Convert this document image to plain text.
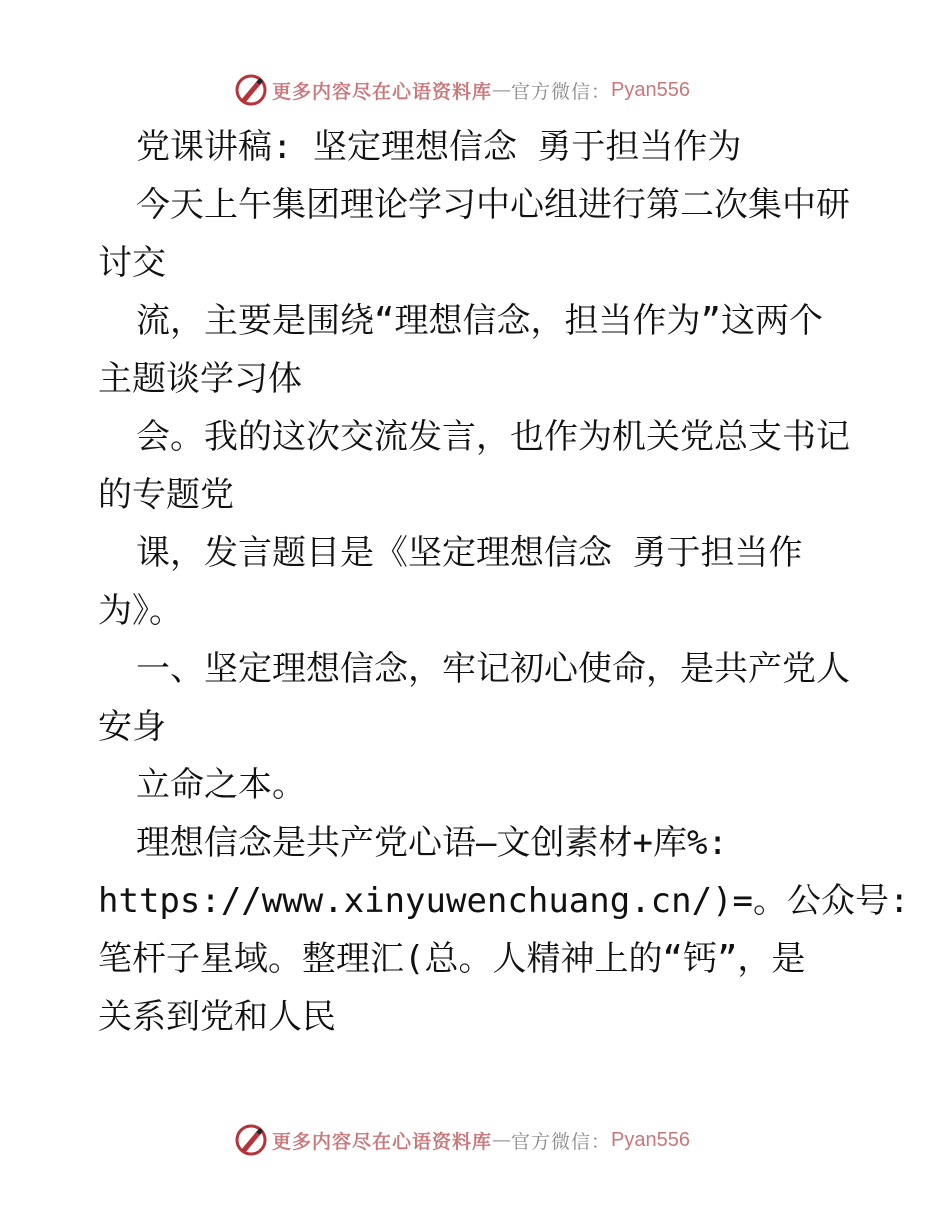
更多内容尽在心语资料库 — 官方微信： Pyan556
党课讲稿: 坚定理想信念 勇于担当作为
今天上午集团理论学习中心组进行第二次集中研
讨交
流，主要是围绕“理想信念，担当作为”这两个
主题谈学习体
会。我的这次交流发言，也作为机关党总支书记
的专题党
课，发言题目是《坚定理想信念 勇于担当作
为》。
一、坚定理想信念，牢记初心使命，是共产党人
安身
立命之本。
理想信念是共产党心语—文创素材+库%:
https://www.xinyuwenchuang.cn/)=。公众号:
笔杆子星域。整理汇(总。人精神上的“钙”，是
关系到党和人民
更多内容尽在心语资料库 — 官方微信： Pyan556
